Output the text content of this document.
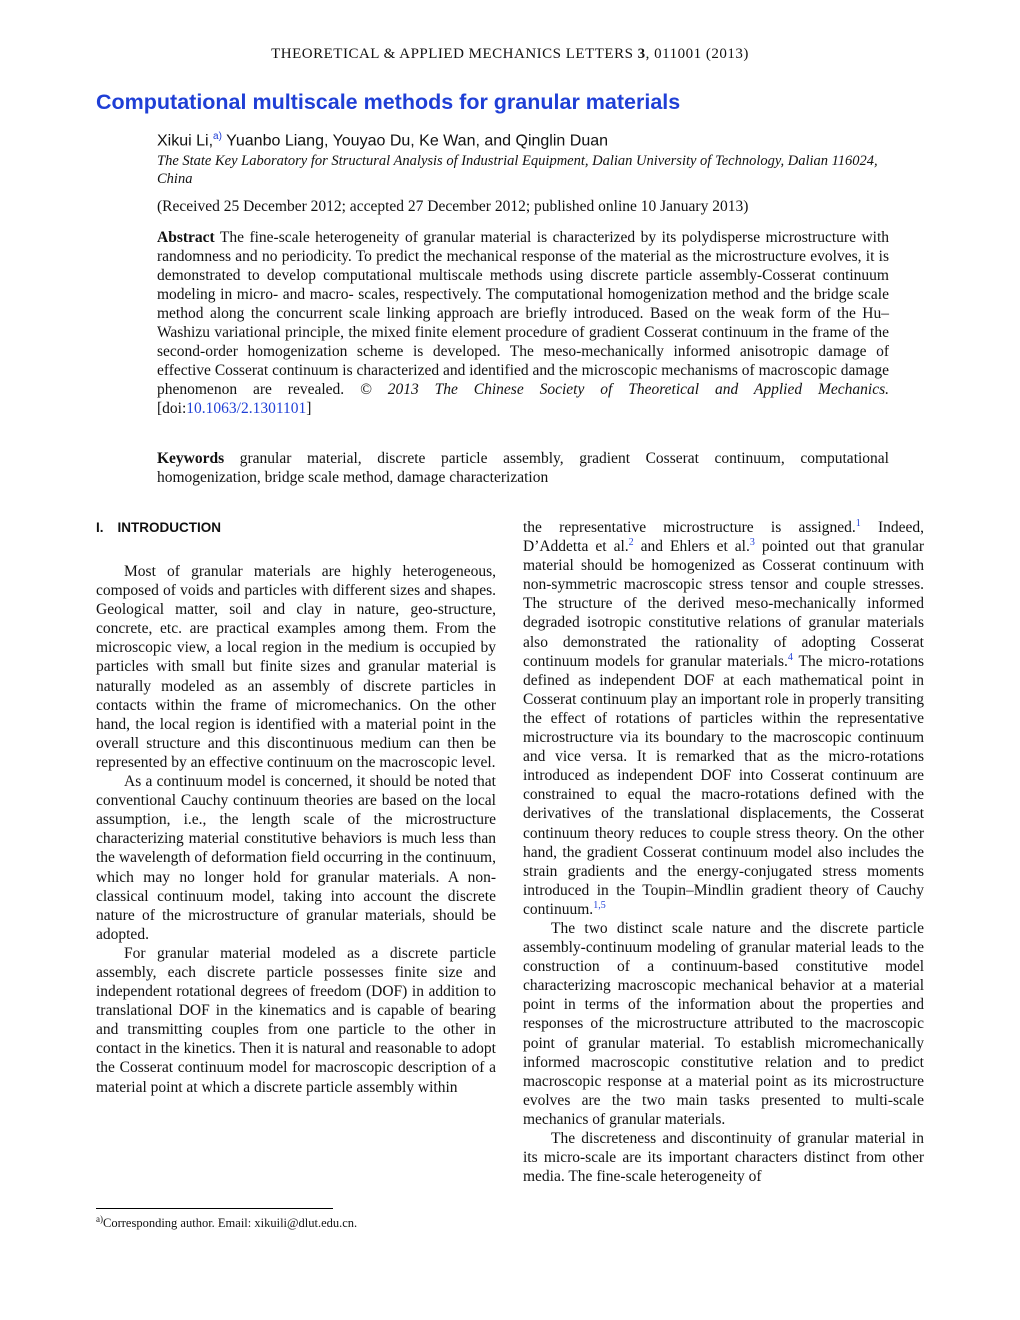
THEORETICAL & APPLIED MECHANICS LETTERS 3, 011001 (2013)
Computational multiscale methods for granular materials
Xikui Li,$^{a)}$ Yuanbo Liang, Youyao Du, Ke Wan, and Qinglin Duan
The State Key Laboratory for Structural Analysis of Industrial Equipment, Dalian University of Technology, Dalian 116024, China
(Received 25 December 2012; accepted 27 December 2012; published online 10 January 2013)
Abstract The fine-scale heterogeneity of granular material is characterized by its polydisperse microstructure with randomness and no periodicity. To predict the mechanical response of the material as the microstructure evolves, it is demonstrated to develop computational multiscale methods using discrete particle assembly-Cosserat continuum modeling in micro- and macro- scales, respectively. The computational homogenization method and the bridge scale method along the concurrent scale linking approach are briefly introduced. Based on the weak form of the Hu–Washizu variational principle, the mixed finite element procedure of gradient Cosserat continuum in the frame of the second-order homogenization scheme is developed. The meso-mechanically informed anisotropic damage of effective Cosserat continuum is characterized and identified and the microscopic mechanisms of macroscopic damage phenomenon are revealed. © 2013 The Chinese Society of Theoretical and Applied Mechanics. [doi:10.1063/2.1301101]
Keywords granular material, discrete particle assembly, gradient Cosserat continuum, computational homogenization, bridge scale method, damage characterization
I. INTRODUCTION

Most of granular materials are highly heterogeneous, composed of voids and particles with different sizes and shapes. Geological matter, soil and clay in nature, geo-structure, concrete, etc. are practical examples among them. From the microscopic view, a local region in the medium is occupied by particles with small but finite sizes and granular material is naturally modeled as an assembly of discrete particles in contacts within the frame of micromechanics. On the other hand, the local region is identified with a material point in the overall structure and this discontinuous medium can then be represented by an effective continuum on the macroscopic level.

As a continuum model is concerned, it should be noted that conventional Cauchy continuum theories are based on the local assumption, i.e., the length scale of the microstructure characterizing material constitutive behaviors is much less than the wavelength of deformation field occurring in the continuum, which may no longer hold for granular materials. A non-classical continuum model, taking into account the discrete nature of the microstructure of granular materials, should be adopted.

For granular material modeled as a discrete particle assembly, each discrete particle possesses finite size and independent rotational degrees of freedom (DOF) in addition to translational DOF in the kinematics and is capable of bearing and transmitting couples from one particle to the other in contact in the kinetics. Then it is natural and reasonable to adopt the Cosserat continuum model for macroscopic description of a material point at which a discrete particle assembly within

the representative microstructure is assigned.$^1$ Indeed, D’Addetta et al.$^2$ and Ehlers et al.$^3$ pointed out that granular material should be homogenized as Cosserat continuum with non-symmetric macroscopic stress tensor and couple stresses. The structure of the derived meso-mechanically informed degraded isotropic constitutive relations of granular materials also demonstrated the rationality of adopting Cosserat continuum models for granular materials.$^4$ The micro-rotations defined as independent DOF at each mathematical point in Cosserat continuum play an important role in properly transiting the effect of rotations of particles within the representative microstructure via its boundary to the macroscopic continuum and vice versa. It is remarked that as the micro-rotations introduced as independent DOF into Cosserat continuum are constrained to equal the macro-rotations defined with the derivatives of the translational displacements, the Cosserat continuum theory reduces to couple stress theory. On the other hand, the gradient Cosserat continuum model also includes the strain gradients and the energy-conjugated stress moments introduced in the Toupin–Mindlin gradient theory of Cauchy continuum.$^{1,5}$

The two distinct scale nature and the discrete particle assembly-continuum modeling of granular material leads to the construction of a continuum-based constitutive model characterizing macroscopic mechanical behavior at a material point in terms of the information about the properties and responses of the microstructure attributed to the macroscopic point of granular material. To establish micromechanically informed macroscopic constitutive relation and to predict macroscopic response at a material point as its microstructure evolves are the two main tasks presented to multi-scale mechanics of granular materials.

The discreteness and discontinuity of granular material in its micro-scale are its important characters distinct from other media. The fine-scale heterogeneity of

$^{a)}$Corresponding author. Email: xikuili@dlut.edu.cn.
